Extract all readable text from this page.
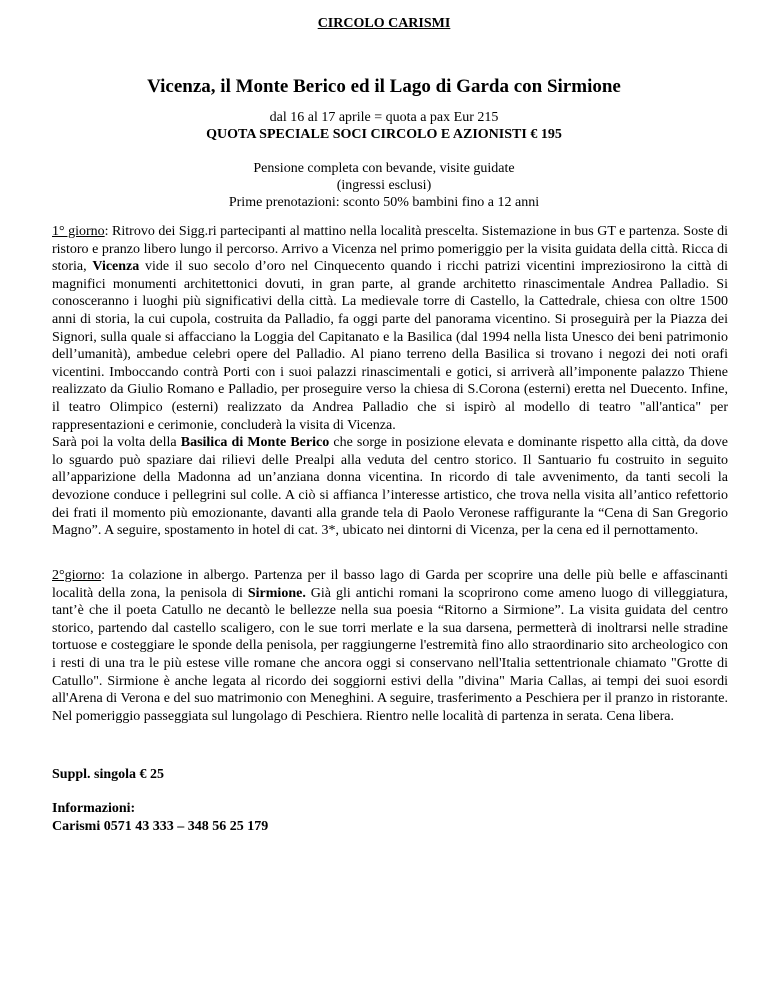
CIRCOLO CARISMI
Vicenza, il Monte Berico ed il Lago di Garda con Sirmione

dal 16 al 17 aprile = quota a pax Eur 215

QUOTA SPECIALE SOCI CIRCOLO E AZIONISTI € 195

Pensione completa con bevande, visite guidate

(ingressi esclusi)

Prime prenotazioni: sconto 50% bambini fino a 12 anni

1° giorno: Ritrovo dei Sigg.ri partecipanti al mattino nella località prescelta. Sistemazione in bus GT e partenza. Soste di ristoro e pranzo libero lungo il percorso. Arrivo a Vicenza nel primo pomeriggio per la visita guidata della città. Ricca di storia, Vicenza vide il suo secolo d’oro nel Cinquecento quando i ricchi patrizi vicentini impreziosirono la città di magnifici monumenti architettonici dovuti, in gran parte, al grande architetto rinascimentale Andrea Palladio. Si conosceranno i luoghi più significativi della città. La medievale torre di Castello, la Cattedrale, chiesa con oltre 1500 anni di storia, la cui cupola, costruita da Palladio, fa oggi parte del panorama vicentino. Si proseguirà per la Piazza dei Signori, sulla quale si affacciano la Loggia del Capitanato e la Basilica (dal 1994 nella lista Unesco dei beni patrimonio dell’umanità), ambedue celebri opere del Palladio. Al piano terreno della Basilica si trovano i negozi dei noti orafi vicentini. Imboccando contrà Porti con i suoi palazzi rinascimentali e gotici, si arriverà all’imponente palazzo Thiene realizzato da Giulio Romano e Palladio, per proseguire verso la chiesa di S.Corona (esterni) eretta nel Duecento. Infine, il teatro Olimpico (esterni) realizzato da Andrea Palladio che si ispirò al modello di teatro "all'antica" per rappresentazioni e cerimonie, concluderà la visita di Vicenza.

Sarà poi la volta della Basilica di Monte Berico che sorge in posizione elevata e dominante rispetto alla città, da dove lo sguardo può spaziare dai rilievi delle Prealpi alla veduta del centro storico. Il Santuario fu costruito in seguito all’apparizione della Madonna ad un’anziana donna vicentina. In ricordo di tale avvenimento, da tanti secoli la devozione conduce i pellegrini sul colle. A ciò si affianca l’interesse artistico, che trova nella visita all’antico refettorio dei frati il momento più emozionante, davanti alla grande tela di Paolo Veronese raffigurante la “Cena di San Gregorio Magno”. A seguire, spostamento in hotel di cat. 3*, ubicato nei dintorni di Vicenza, per la cena ed il pernottamento.

2°giorno: 1a colazione in albergo. Partenza per il basso lago di Garda per scoprire una delle più belle e affascinanti località della zona, la penisola di Sirmione. Già gli antichi romani la scoprirono come ameno luogo di villeggiatura, tant’è che il poeta Catullo ne decantò le bellezze nella sua poesia “Ritorno a Sirmione”. La visita guidata del centro storico, partendo dal castello scaligero, con le sue torri merlate e la sua darsena, permetterà di inoltrarsi nelle stradine tortuose e costeggiare le sponde della penisola, per raggiungerne l'estremità fino allo straordinario sito archeologico con i resti di una tra le più estese ville romane che ancora oggi si conservano nell'Italia settentrionale chiamato "Grotte di Catullo". Sirmione è anche legata al ricordo dei soggiorni estivi della "divina" Maria Callas, ai tempi dei suoi esordi all'Arena di Verona e del suo matrimonio con Meneghini. A seguire, trasferimento a Peschiera per il pranzo in ristorante. Nel pomeriggio passeggiata sul lungolago di Peschiera. Rientro nelle località di partenza in serata. Cena libera.

Suppl. singola € 25

Informazioni:

Carismi 0571 43 333 – 348 56 25 179
